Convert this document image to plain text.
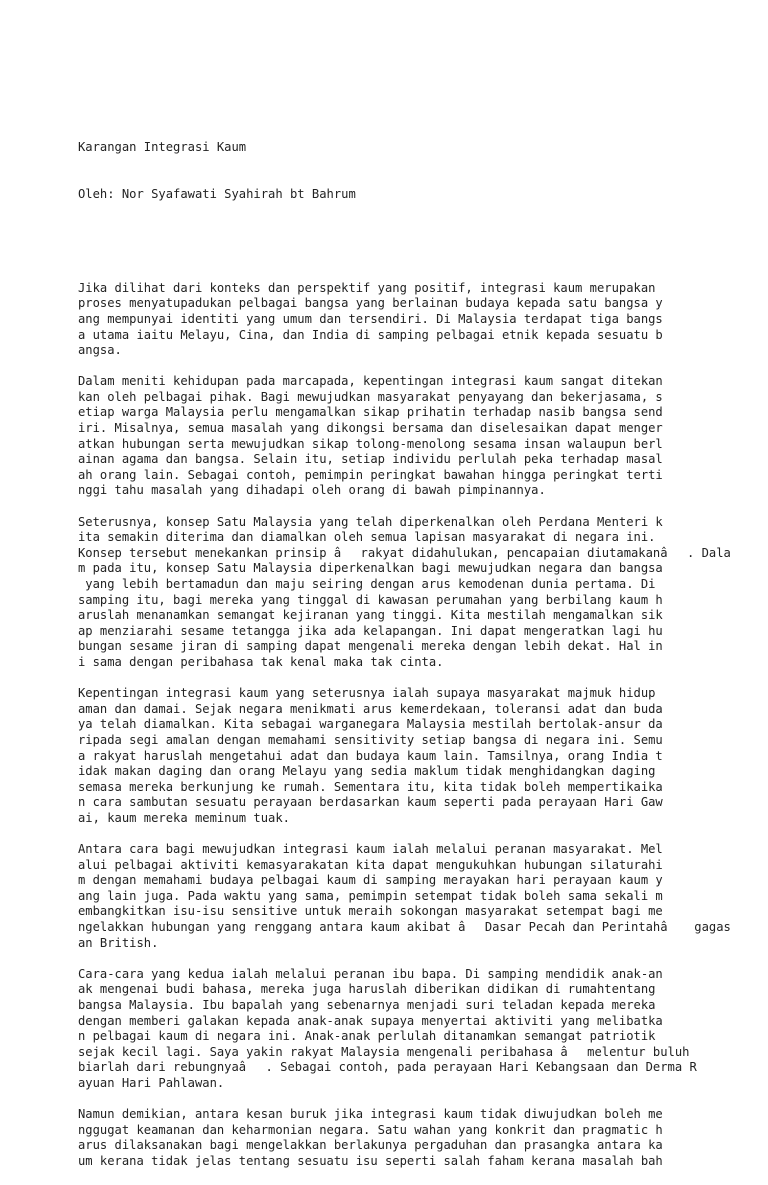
Karangan Integrasi Kaum

Oleh: Nor Syafawati Syahirah bt Bahrum

Jika dilihat dari konteks dan perspektif yang positif, integrasi kaum merupakan
proses menyatupadukan pelbagai bangsa yang berlainan budaya kepada satu bangsa y
ang mempunyai identiti yang umum dan tersendiri. Di Malaysia terdapat tiga bangs
a utama iaitu Melayu, Cina, dan India di samping pelbagai etnik kepada sesuatu b
angsa.
Dalam meniti kehidupan pada marcapada, kepentingan integrasi kaum sangat ditekan
kan oleh pelbagai pihak. Bagi mewujudkan masyarakat penyayang dan bekerjasama, s
etiap warga Malaysia perlu mengamalkan sikap prihatin terhadap nasib bangsa send
iri. Misalnya, semua masalah yang dikongsi bersama dan diselesaikan dapat menger
atkan hubungan serta mewujudkan sikap tolong-menolong sesama insan walaupun berl
ainan agama dan bangsa. Selain itu, setiap individu perlulah peka terhadap masal
ah orang lain. Sebagai contoh, pemimpin peringkat bawahan hingga peringkat terti
nggi tahu masalah yang dihadapi oleh orang di bawah pimpinannya.
Seterusnya, konsep Satu Malaysia yang telah diperkenalkan oleh Perdana Menteri k
ita semakin diterima dan diamalkan oleh semua lapisan masyarakat di negara ini.
Konsep tersebut menekankan prinsip ârakyat didahulukan, pencapaian diutamakanâ. Dala
m pada itu, konsep Satu Malaysia diperkenalkan bagi mewujudkan negara dan bangsa
yang lebih bertamadun dan maju seiring dengan arus kemodenan dunia pertama. Di
samping itu, bagi mereka yang tinggal di kawasan perumahan yang berbilang kaum h
aruslah menanamkan semangat kejiranan yang tinggi. Kita mestilah mengamalkan sik
ap menziarahi sesame tetangga jika ada kelapangan. Ini dapat mengeratkan lagi hu
bungan sesame jiran di samping dapat mengenali mereka dengan lebih dekat. Hal in
i sama dengan peribahasa tak kenal maka tak cinta.
Kepentingan integrasi kaum yang seterusnya ialah supaya masyarakat majmuk hidup
aman dan damai. Sejak negara menikmati arus kemerdekaan, toleransi adat dan buda
ya telah diamalkan. Kita sebagai warganegara Malaysia mestilah bertolak-ansur da
ripada segi amalan dengan memahami sensitivity setiap bangsa di negara ini. Semu
a rakyat haruslah mengetahui adat dan budaya kaum lain. Tamsilnya, orang India t
idak makan daging dan orang Melayu yang sedia maklum tidak menghidangkan daging
semasa mereka berkunjung ke rumah. Sementara itu, kita tidak boleh mempertikaika
n cara sambutan sesuatu perayaan berdasarkan kaum seperti pada perayaan Hari Gaw
ai, kaum mereka meminum tuak.
Antara cara bagi mewujudkan integrasi kaum ialah melalui peranan masyarakat. Mel
alui pelbagai aktiviti kemasyarakatan kita dapat mengukuhkan hubungan silaturahi
m dengan memahami budaya pelbagai kaum di samping merayakan hari perayaan kaum y
ang lain juga. Pada waktu yang sama, pemimpin setempat tidak boleh sama sekali m
embangkitkan isu-isu sensitive untuk meraih sokongan masyarakat setempat bagi me
ngelakkan hubungan yang renggang antara kaum akibat âDasar Pecah dan Perintahâ gagas
an British.
Cara-cara yang kedua ialah melalui peranan ibu bapa. Di samping mendidik anak-an
ak mengenai budi bahasa, mereka juga haruslah diberikan didikan di rumahtentang
bangsa Malaysia. Ibu bapalah yang sebenarnya menjadi suri teladan kepada mereka
dengan memberi galakan kepada anak-anak supaya menyertai aktiviti yang melibatka
n pelbagai kaum di negara ini. Anak-anak perlulah ditanamkan semangat patriotik
sejak kecil lagi. Saya yakin rakyat Malaysia mengenali peribahasa âmelentur buluh
biarlah dari rebungnyaâ. Sebagai contoh, pada perayaan Hari Kebangsaan dan Derma R
ayuan Hari Pahlawan.
Namun demikian, antara kesan buruk jika integrasi kaum tidak diwujudkan boleh me
nggugat keamanan dan keharmonian negara. Satu wahan yang konkrit dan pragmatic h
arus dilaksanakan bagi mengelakkan berlakunya pergaduhan dan prasangka antara ka
um kerana tidak jelas tentang sesuatu isu seperti salah faham kerana masalah bah
